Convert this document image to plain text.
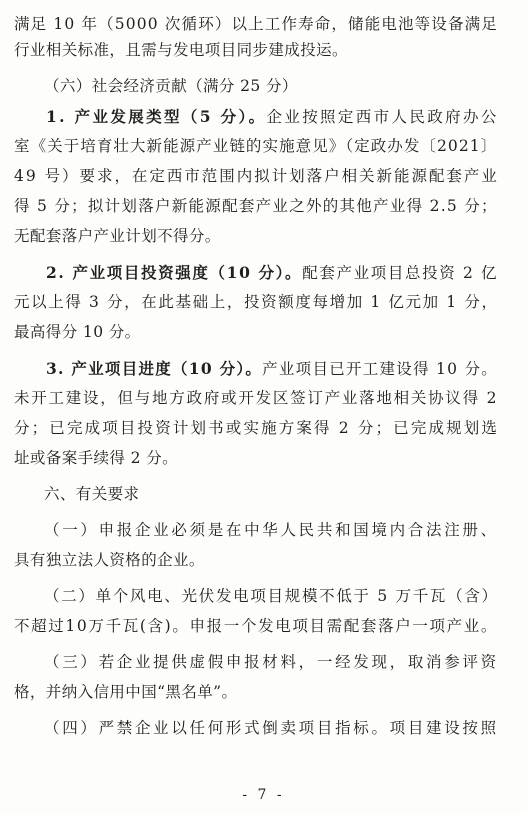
满足 10 年（5000 次循环）以上工作寿命，储能电池等设备满足
行业相关标准，且需与发电项目同步建成投运。
（六）社会经济贡献（满分 25 分）
1. 产业发展类型（5 分）。企业按照定西市人民政府办公
室《关于培育壮大新能源产业链的实施意见》（定政办发〔2021〕
49 号）要求，在定西市范围内拟计划落户相关新能源配套产业
得 5 分；拟计划落户新能源配套产业之外的其他产业得 2.5 分；
无配套落户产业计划不得分。
2. 产业项目投资强度（10 分）。配套产业项目总投资 2 亿
元以上得 3 分，在此基础上，投资额度每增加 1 亿元加 1 分，
最高得分 10 分。
3. 产业项目进度（10 分）。产业项目已开工建设得 10 分。
未开工建设，但与地方政府或开发区签订产业落地相关协议得 2
分；已完成项目投资计划书或实施方案得 2 分；已完成规划选
址或备案手续得 2 分。
六、有关要求
（一）申报企业必须是在中华人民共和国境内合法注册、
具有独立法人资格的企业。
（二）单个风电、光伏发电项目规模不低于 5 万千瓦（含）
不超过10万千瓦(含)。申报一个发电项目需配套落户一项产业。
（三）若企业提供虚假申报材料，一经发现，取消参评资
格，并纳入信用中国“黑名单”。
（四）严禁企业以任何形式倒卖项目指标。项目建设按照
- 7 -
